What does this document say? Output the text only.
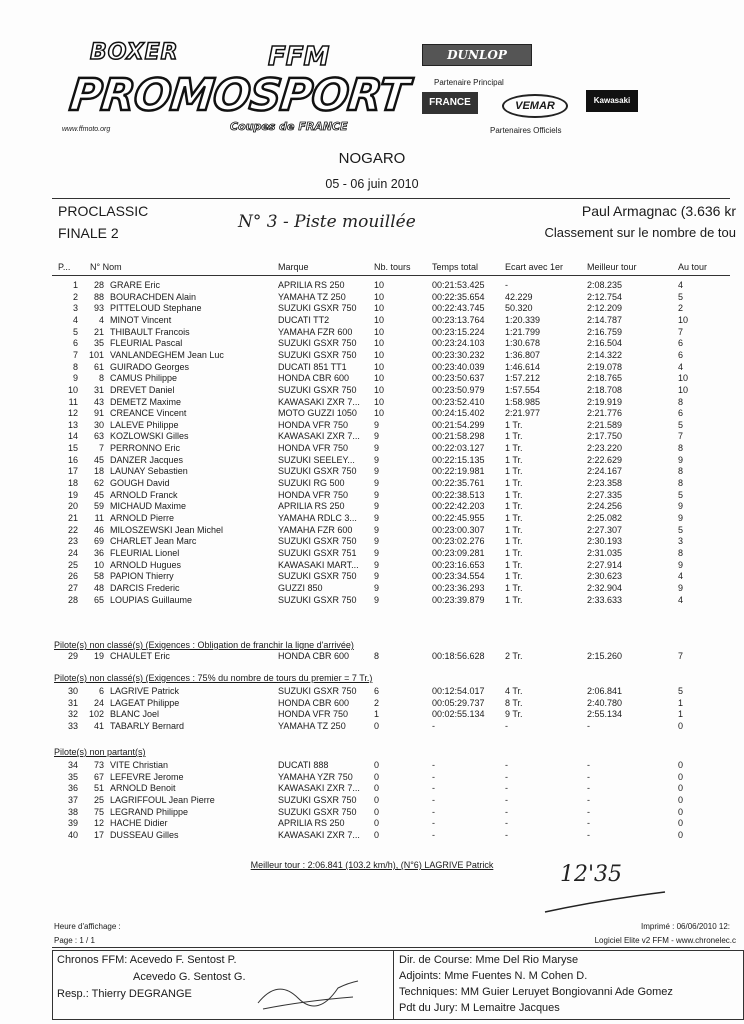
BOXER	FFM
PROMOSPORT
www.ffmoto.org	Coupes de FRANCE
DUNLOP
Partenaire Principal
FRANCE	VEMAR	Kawasaki
Partenaires Officiels
NOGARO
05 - 06 juin 2010
PROCLASSIC
FINALE 2
N° 3 - Piste mouillée
Paul Armagnac (3.636 kr
Classement sur le nombre de tou
P...	N° Nom	Marque	Nb. tours Temps total	Ecart avec 1er	Meilleur tour	Au tour
1	28 GRARE Eric	APRILIA RS 250	10	00:21:53.425 -	2:08.235	4
2	88 BOURACHDEN Alain	YAMAHA TZ 250	10	00:22:35.654 42.229	2:12.754	5
3	93 PITTELOUD Stephane	SUZUKI GSXR 750 10	00:22:43.745 50.320	2:12.209	2
4	4 MINOT Vincent	DUCATI TT2	10	00:23:13.764 1:20.339	2:14.787	10
5	21 THIBAULT Francois	YAMAHA FZR 600 10	00:23:15.224 1:21.799	2:16.759	7
6	35 FLEURIAL Pascal	SUZUKI GSXR 750 10	00:23:24.103 1:30.678	2:16.504	6
7	101 VANLANDEGHEM Jean Luc	SUZUKI GSXR 750 10	00:23:30.232 1:36.807	2:14.322	6
8	61 GUIRADO Georges	DUCATI 851 TT1	10	00:23:40.039 1:46.614	2:19.078	4
9	8 CAMUS Philippe	HONDA CBR 600	10	00:23:50.637 1:57.212	2:18.765	10
10	31 DREVET Daniel	SUZUKI GSXR 750 10	00:23:50.979 1:57.554	2:18.708	10
11	43 DEMETZ Maxime	KAWASAKI ZXR 7... 10	00:23:52.410 1:58.985	2:19.919	8
12	91 CREANCE Vincent	MOTO GUZZI 1050 10	00:24:15.402 2:21.977	2:21.776	6
13	30 LALEVE Philippe	HONDA VFR 750	9	00:21:54.299 1 Tr.	2:21.589	5
14	63 KOZLOWSKI Gilles	KAWASAKI ZXR 7... 9	00:21:58.298 1 Tr.	2:17.750	7
15	7 PERRONNO Eric	HONDA VFR 750	9	00:22:03.127 1 Tr.	2:23.220	8
16	45 DANZER Jacques	SUZUKI SEELEY... 9	00:22:15.135 1 Tr.	2:22.629	9
17	18 LAUNAY Sebastien	SUZUKI GSXR 750 9	00:22:19.981 1 Tr.	2:24.167	8
18	62 GOUGH David	SUZUKI RG 500	9	00:22:35.761 1 Tr.	2:23.358	8
19	45 ARNOLD Franck	HONDA VFR 750	9	00:22:38.513 1 Tr.	2:27.335	5
20	59 MICHAUD Maxime	APRILIA RS 250	9	00:22:42.203 1 Tr.	2:24.256	9
21	11 ARNOLD Pierre	YAMAHA RDLC 3... 9	00:22:45.955 1 Tr.	2:25.082	9
22	46 MILOSZEWSKI Jean Michel	YAMAHA FZR 600 9	00:23:00.307 1 Tr.	2:27.307	5
23	69 CHARLET Jean Marc	SUZUKI GSXR 750 9	00:23:02.276 1 Tr.	2:30.193	3
24	36 FLEURIAL Lionel	SUZUKI GSXR 751 9	00:23:09.281 1 Tr.	2:31.035	8
25	10 ARNOLD Hugues	KAWASAKI MART... 9	00:23:16.653 1 Tr.	2:27.914	9
26	58 PAPION Thierry	SUZUKI GSXR 750 9	00:23:34.554 1 Tr.	2:30.623	4
27	48 DARCIS Frederic	GUZZI 850	9	00:23:36.293 1 Tr.	2:32.904	9
28	65 LOUPIAS Guillaume	SUZUKI GSXR 750 9	00:23:39.879 1 Tr.	2:33.633	4
29	19 CHAULET Eric	HONDA CBR 600	8	00:18:56.628 2 Tr.	2:15.260	7
30	6 LAGRIVE Patrick	SUZUKI GSXR 750 6	00:12:54.017 4 Tr.	2:06.841	5
31	24 LAGEAT Philippe	HONDA CBR 600	2	00:05:29.737 8 Tr.	2:40.780	1
32	102 BLANC Joel	HONDA VFR 750	1	00:02:55.134 9 Tr.	2:55.134	1
33	41 TABARLY Bernard	YAMAHA TZ 250	0	-	-	-	0
34	73 VITE Christian	DUCATI 888	0	-	-	-	0
35	67 LEFEVRE Jerome	YAMAHA YZR 750 0	-	-	-	0
36	51 ARNOLD Benoit	KAWASAKI ZXR 7... 0	-	-	-	0
37	25 LAGRIFFOUL Jean Pierre	SUZUKI GSXR 750 0	-	-	-	0
38	75 LEGRAND Philippe	SUZUKI GSXR 750 0	-	-	-	0
39	12 HACHE Didier	APRILIA RS 250	0	-	-	-	0
40	17 DUSSEAU Gilles	KAWASAKI ZXR 7... 0	-	-	-	0
Pilote(s) non classé(s) (Exigences : Obligation de franchir la ligne d'arrivée)
Pilote(s) non classé(s) (Exigences : 75% du nombre de tours du premier = 7 Tr.)
Pilote(s) non partant(s)
Meilleur tour : 2:06.841 (103.2 km/h), (N°6) LAGRIVE Patrick	12'35
Heure d'affichage :	Imprimé : 06/06/2010 12:
Page : 1 / 1	Logiciel Elite v2 FFM - www.chronelec.c
Chronos FFM: Acevedo F. Sentost P.
Acevedo G. Sentost G.
Resp.: Thierry DEGRANGE
Dir. de Course: Mme Del Rio Maryse
Adjoints: Mme Fuentes N. M Cohen D.
Techniques: MM Guier Leruyet Bongiovanni Ade Gomez
Pdt du Jury: M Lemaitre Jacques
